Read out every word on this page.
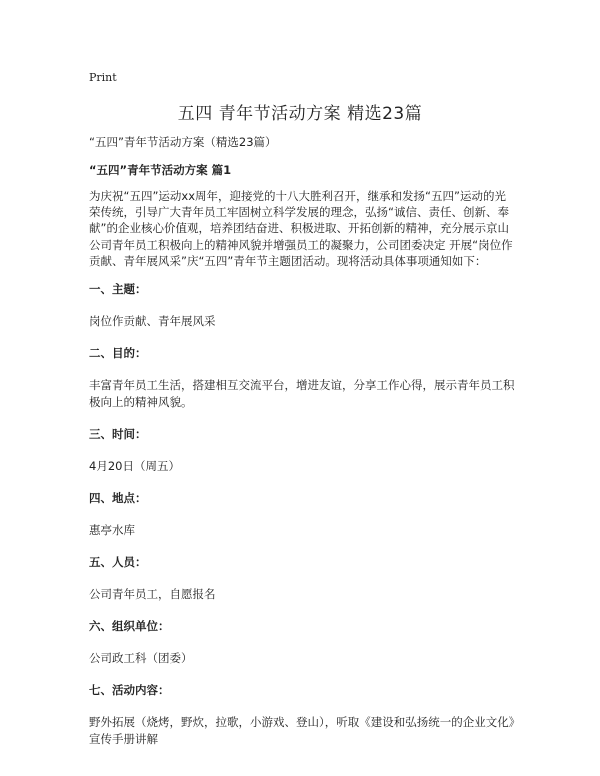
Print
五四 青年节活动方案 精选23篇

“五四”青年节活动方案（精选23篇）

“五四”青年节活动方案 篇1

为庆祝“五四”运动xx周年，迎接党的十八大胜利召开，继承和发扬“五四”运动的光荣传统，引导广大青年员工牢固树立科学发展的理念，弘扬“诚信、责任、创新、奉献”的企业核心价值观，培养团结奋进、积极进取、开拓创新的精神，充分展示京山公司青年员工积极向上的精神风貌并增强员工的凝聚力，公司团委决定 开展“岗位作贡献、青年展风采”庆“五四”青年节主题团活动。现将活动具体事项通知如下：

一、主题：

岗位作贡献、青年展风采

二、目的：

丰富青年员工生活，搭建相互交流平台，增进友谊，分享工作心得，展示青年员工积极向上的精神风貌。

三、时间：

4月20日（周五）

四、地点：

惠亭水库

五、人员：

公司青年员工，自愿报名

六、组织单位：

公司政工科（团委）

七、活动内容：

野外拓展（烧烤，野炊，拉歌，小游戏、登山），听取《建设和弘扬统一的企业文化》宣传手册讲解
